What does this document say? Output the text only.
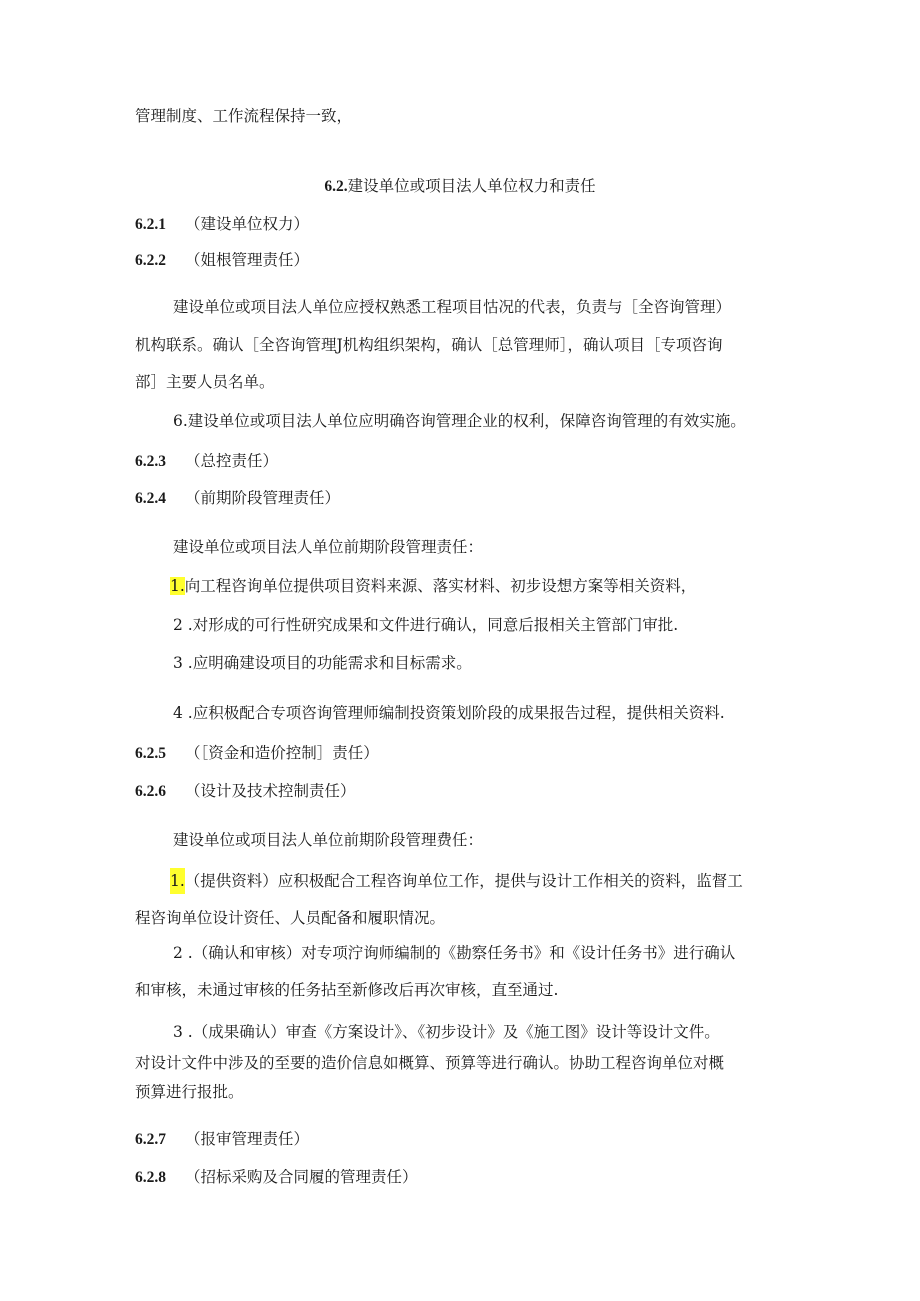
管理制度、工作流程保持一致，
6.2.建设单位或项目法人单位权力和责任
6.2.1 （建设单位权力）
6.2.2 （姐根管理责任）
建设单位或项目法人单位应授权熟悉工程项目怙况的代表，负责与［全咨询管理）
机构联系。确认［全咨询管理J机构组织架构，确认［总管理师］，确认项目［专项咨询
部］主要人员名单。
6.建设单位或项目法人单位应明确咨询管理企业的权利，保障咨询管理的有效实施。
6.2.3 （总控责任）
6.2.4 （前期阶段管理责任）
建设单位或项目法人单位前期阶段管理责任：
1.向工程咨询单位提供项目资料来源、落实材料、初步设想方案等相关资料，
2 .对形成的可行性研究成果和文件进行确认，同意后报相关主管部门审批.
3 .应明确建设项目的功能需求和目标需求。
4 .应积极配合专项咨询管理师编制投资策划阶段的成果报告过程，提供相关资料.
6.2.5 （［资金和造价控制］责任）
6.2.6 （设计及技术控制责任）
建设单位或项目法人单位前期阶段管理费任：
1.（提供资料）应积极配合工程咨询单位工作，提供与设计工作相关的资料，监督工
程咨询单位设计资任、人员配备和履职情况。
2 .（确认和审核）对专项泞询师编制的《勘察任务书》和《设计任务书》进行确认
和审核，未通过审核的任务拈至新修改后再次审核，直至通过.
3 .（成果确认）审查《方案设计》、《初步设计》及《施工图》设计等设计文件。
对设计文件中涉及的至要的造价信息如概算、预算等进行确认。协助工程咨询单位对概
预算进行报批。
6.2.7 （报审管理责任）
6.2.8 （招标采购及合同履的管理责任）
